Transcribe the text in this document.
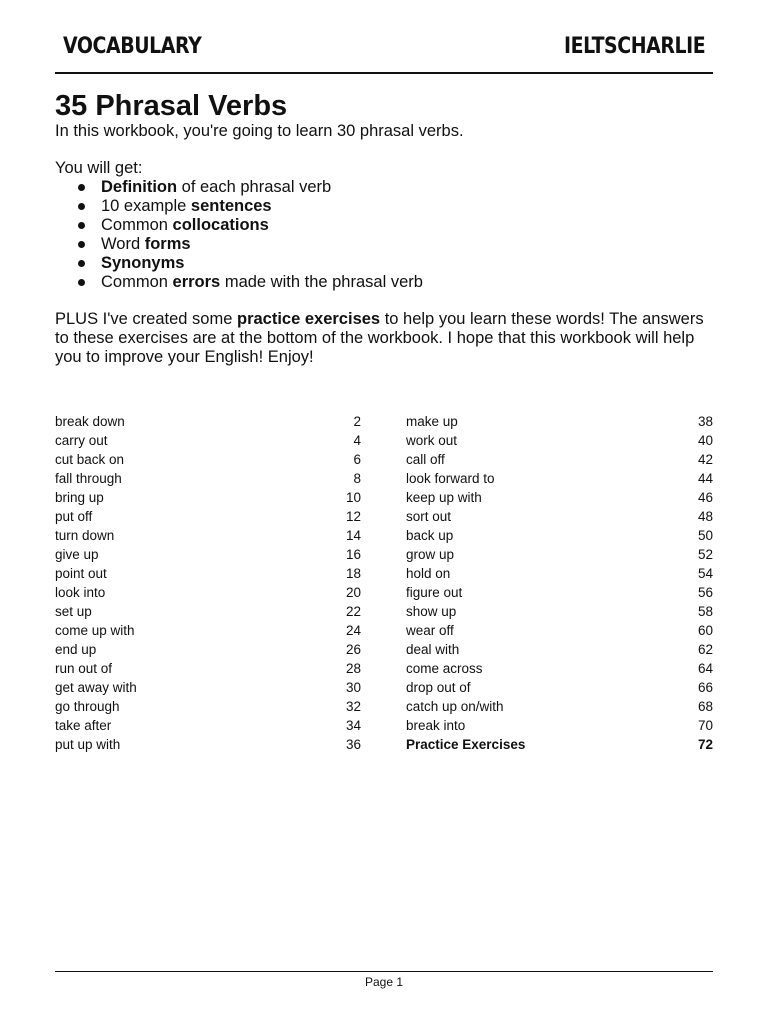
VOCABULARY	IELTSCHARLIE
35 Phrasal Verbs

In this workbook, you're going to learn 30 phrasal verbs.

You will get:

Definition of each phrasal verb
10 example sentences
Common collocations
Word forms
Synonyms
Common errors made with the phrasal verb

PLUS I've created some practice exercises to help you learn these words! The answers to these exercises are at the bottom of the workbook. I hope that this workbook will help you to improve your English! Enjoy!

break down	2
carry out	4
cut back on	6
fall through	8
bring up	10
put off	12
turn down	14
give up	16
point out	18
look into	20
set up	22
come up with	24
end up	26
run out of	28
get away with	30
go through	32
take after	34
put up with	36
make up	38
work out	40
call off	42
look forward to	44
keep up with	46
sort out	48
back up	50
grow up	52
hold on	54
figure out	56
show up	58
wear off	60
deal with	62
come across	64
drop out of	66
catch up on/with	68
break into	70
Practice Exercises	72
Page 1
